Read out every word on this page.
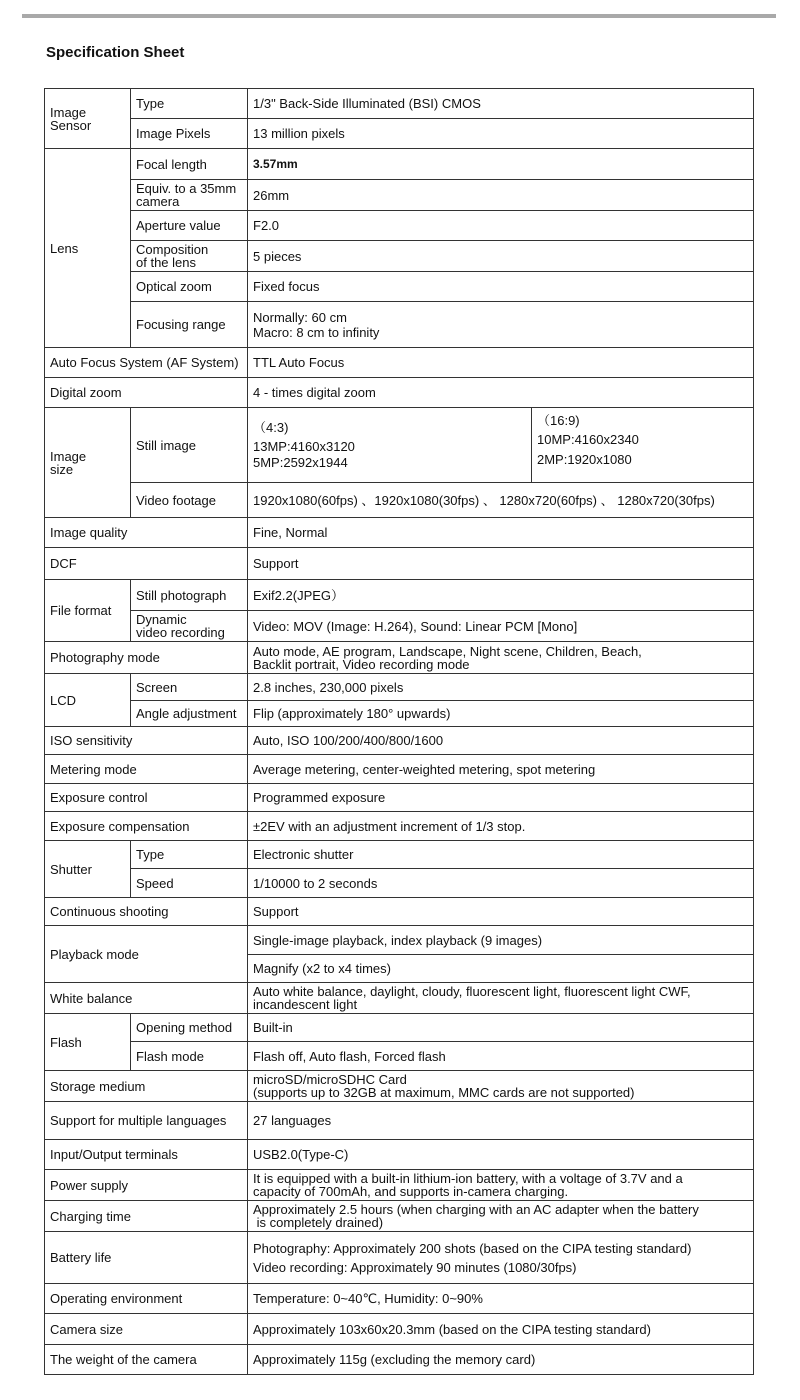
Specification Sheet
Image Sensor	Type	1/3" Back-Side Illuminated (BSI) CMOS	
	Image Pixels	13 million pixels	
Lens	Focal length	3.57mm	

	Equiv. to a 35mm
camera	26mm	
	Aperture value	F2.0	

	Composition
of the lens	5 pieces	
	Optical zoom	Fixed focus	
	Focusing range	Normally: 60 cm
Macro: 8 cm to infinity	

Auto Focus System (AF System)		TTL Auto Focus	
Digital zoom		4 - times digital zoom	

Image
size	Still image	（4:3)
13MP:4160x3120
5MP:2592x1944	（16:9)
10MP:4160x2340
2MP:1920x1080

	Video footage	1920x1080(60fps) 、1920x1080(30fps) 、 1280x720(60fps) 、 1280x720(30fps)	
Image quality		Fine, Normal	
DCF		Support	
File format	Still photograph	Exif2.2(JPEG）	

	Dynamic
video recording	Video: MOV (Image: H.264), Sound: Linear PCM [Mono]	
Photography mode		Auto mode, AE program, Landscape, Night scene, Children, Beach,
Backlit portrait, Video recording mode	

LCD	Screen	2.8 inches, 230,000 pixels	
	Angle adjustment	Flip (approximately 180° upwards)	
ISO sensitivity		Auto, ISO 100/200/400/800/1600	
Metering mode		Average metering, center-weighted metering, spot metering	
Exposure control		Programmed exposure	
Exposure compensation		±2EV with an adjustment increment of 1/3 stop.	
Shutter	Type	Electronic shutter	
	Speed	1/10000 to 2 seconds	
Continuous shooting		Support	
Playback mode		Single-image playback, index playback (9 images)	
		Magnify (x2 to x4 times)	
White balance		Auto white balance, daylight, cloudy, fluorescent light, fluorescent light CWF,
incandescent light	

Flash	Opening method	Built-in	
	Flash mode	Flash off, Auto flash, Forced flash	
Storage medium		microSD/microSDHC Card
(supports up to 32GB at maximum, MMC cards are not supported)	

Support for multiple languages		27 languages	
Input/Output terminals		USB2.0(Type-C)	
Power supply		It is equipped with a built-in lithium-ion battery, with a voltage of 3.7V and a
capacity of 700mAh, and supports in-camera charging.	

Charging time		Approximately 2.5 hours (when charging with an AC adapter when the battery
is completely drained)	

Battery life		Photography: Approximately 200 shots (based on the CIPA testing standard)
Video recording: Approximately 90 minutes (1080/30fps)	

Operating environment		Temperature: 0~40℃, Humidity: 0~90%	
Camera size		Approximately 103x60x20.3mm (based on the CIPA testing standard)	
The weight of the camera		Approximately 115g (excluding the memory card)	
